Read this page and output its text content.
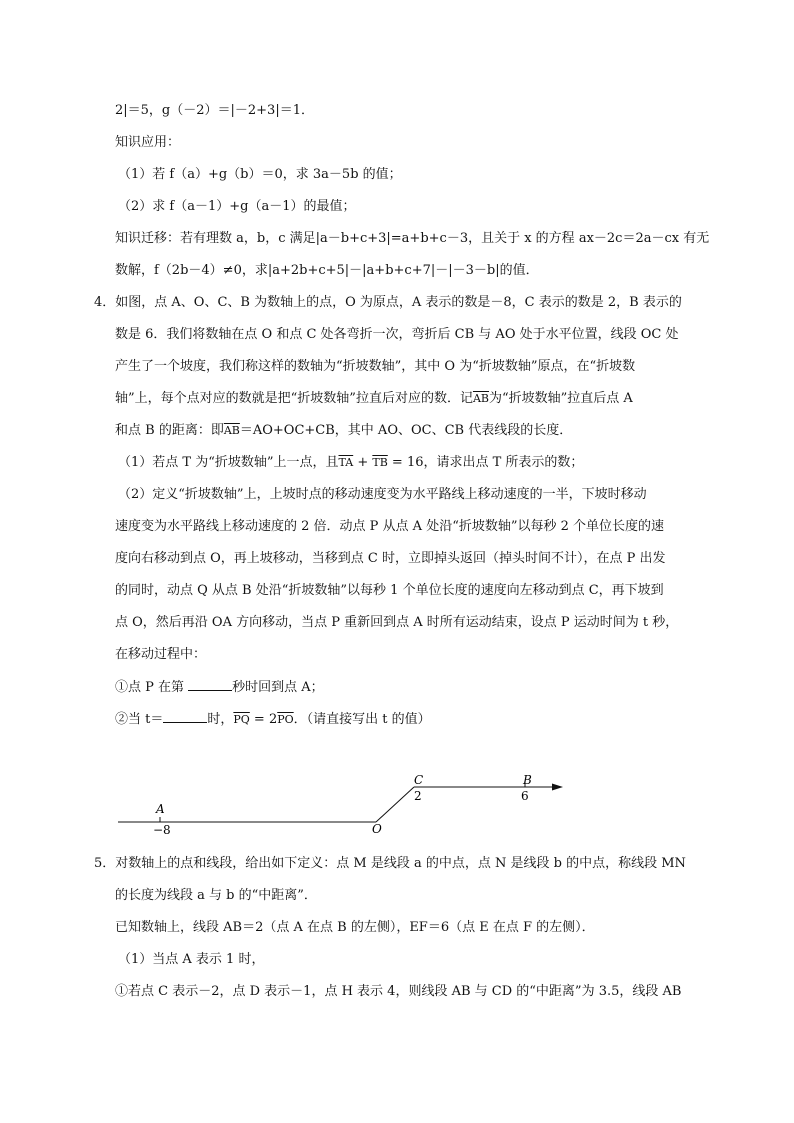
2|＝5，g（－2）＝|－2+3|＝1．
知识应用：
（1）若 f（a）+g（b）＝0，求 3a－5b 的值；
（2）求 f（a－1）+g（a－1）的最值；
知识迁移：若有理数 a，b，c 满足|a－b+c+3|=a+b+c－3，且关于 x 的方程 ax－2c＝2a－cx 有无
数解，f（2b－4）≠0，求|a+2b+c+5|－|a+b+c+7|－|－3－b|的值．
4．如图，点 A、O、C、B 为数轴上的点，O 为原点，A 表示的数是－8，C 表示的数是 2，B 表示的
数是 6．我们将数轴在点 O 和点 C 处各弯折一次，弯折后 CB 与 AO 处于水平位置，线段 OC 处
产生了一个坡度，我们称这样的数轴为“折坡数轴”，其中 O 为“折坡数轴”原点，在“折坡数
轴”上，每个点对应的数就是把“折坡数轴”拉直后对应的数．记$\overline{AB}$为“折坡数轴”拉直后点 A
和点 B 的距离：即$\overline{AB}=AO+OC+CB$，其中 AO、OC、CB 代表线段的长度．
（1）若点 T 为“折坡数轴”上一点，且$\overline{TA} + \overline{TB} = 16$，请求出点 T 所表示的数；
（2）定义“折坡数轴”上，上坡时点的移动速度变为水平路线上移动速度的一半，下坡时移动
速度变为水平路线上移动速度的 2 倍．动点 P 从点 A 处沿“折坡数轴”以每秒 2 个单位长度的速
度向右移动到点 O，再上坡移动，当移到点 C 时，立即掉头返回（掉头时间不计），在点 P 出发
的同时，动点 Q 从点 B 处沿“折坡数轴”以每秒 1 个单位长度的速度向左移动到点 C，再下坡到
点 O，然后再沿 OA 方向移动，当点 P 重新回到点 A 时所有运动结束，设点 P 运动时间为 t 秒，
在移动过程中：
①点 P 在第	秒时回到点 A；
②当 t＝	时，$\overline{PQ} = 2\overline{PO}$．（请直接写出 t 的值）
A
−8	O
C
2
B
6
5．对数轴上的点和线段，给出如下定义：点 M 是线段 a 的中点，点 N 是线段 b 的中点，称线段 MN
的长度为线段 a 与 b 的“中距离”．
已知数轴上，线段 AB＝2（点 A 在点 B 的左侧），EF＝6（点 E 在点 F 的左侧）．
（1）当点 A 表示 1 时，
①若点 C 表示－2，点 D 表示－1，点 H 表示 4，则线段 AB 与 CD 的“中距离”为 3.5，线段 AB
